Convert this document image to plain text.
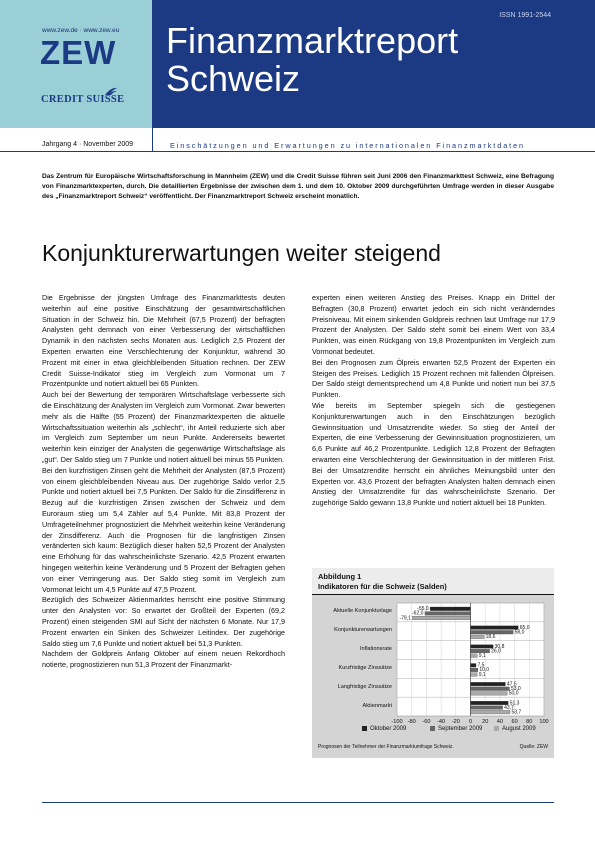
www.zew.de · www.zew.eu
ZEW
CREDIT SUISSE
ISSN 1991-2544
Finanzmarktreport
Schweiz
Jahrgang 4 · November 2009	Einschätzungen und Erwartungen zu internationalen Finanzmarktdaten

Das Zentrum für Europäische Wirtschaftsforschung in Mannheim (ZEW) und die Credit Suisse führen seit Juni 2006 den Finanzmarkttest Schweiz, eine Befragung von Finanzmarktexperten, durch. Die detaillierten Ergebnisse der zwischen dem 1. und dem 10. Oktober 2009 durchgeführten Umfrage werden in dieser Ausgabe des „Finanzmarktreport Schweiz“ veröffentlicht. Der Finanzmarktreport Schweiz erscheint monatlich.

Konjunkturerwartungen weiter steigend

Die Ergebnisse der jüngsten Umfrage des Finanzmarkttests deuten weiterhin auf eine positive Einschätzung der gesamtwirtschaftlichen Situation in der Schweiz hin. Die Mehrheit (67,5 Prozent) der befragten Analysten geht demnach von einer Verbesserung der wirtschaftlichen Dynamik in den nächsten sechs Monaten aus. Lediglich 2,5 Prozent der Experten erwarten eine Verschlechterung der Konjunktur, während 30 Prozent mit einer in etwa gleichbleibenden Situation rechnen. Der ZEW Credit Suisse-Indikator stieg im Vergleich zum Vormonat um 7 Prozentpunkte und notiert aktuell bei 65 Punkten.

Auch bei der Bewertung der temporären Wirtschaftslage verbesserte sich die Einschätzung der Analysten im Vergleich zum Vormonat. Zwar bewerten mehr als die Hälfte (55 Prozent) der Finanzmarktexperten die aktuelle Wirtschaftssituation weiterhin als „schlecht“, ihr Anteil reduzierte sich aber im Vergleich zum September um neun Punkte. Andererseits bewertet weiterhin kein einziger der Analysten die gegenwärtige Wirtschaftslage als „gut“. Der Saldo stieg um 7 Punkte und notiert aktuell bei minus 55 Punkten.

Bei den kurzfristigen Zinsen geht die Mehrheit der Analysten (87,5 Prozent) von einem gleichbleibenden Niveau aus. Der zugehörige Saldo verlor 2,5 Punkte und notiert aktuell bei 7,5 Punkten. Der Saldo für die Zinsdifferenz in Bezug auf die kurzfristigen Zinsen zwischen der Schweiz und dem Euroraum stieg um 5,4 Zähler auf 5,4 Punkte. Mit 83,8 Prozent der Umfrageteilnehmer prognostiziert die Mehrheit weiterhin keine Veränderung der Zinsdifferenz. Auch die Prognosen für die langfristigen Zinsen veränderten sich kaum: Bezüglich dieser halten 52,5 Prozent der Analysten eine Erhöhung für das wahrscheinlichste Szenario. 42,5 Prozent erwarten hingegen weiterhin keine Veränderung und 5 Prozent der Befragten gehen von einer Verringerung aus. Der Saldo stieg somit im Vergleich zum Vormonat leicht um 4,5 Punkte auf 47,5 Prozent.

Bezüglich des Schweizer Aktienmarktes herrscht eine positive Stimmung unter den Analysten vor: So erwartet der Großteil der Experten (69,2 Prozent) einen steigenden SMI auf Sicht der nächsten 6 Monate. Nur 17,9 Prozent erwarten ein Sinken des Schweizer Leitindex. Der zugehörige Saldo stieg um 7,6 Punkte und notiert aktuell bei 51,3 Punkten.

Nachdem der Goldpreis Anfang Oktober auf einem neuen Rekordhoch notierte, prognostizieren nun 51,3 Prozent der Finanzmarkt-

experten einen weiteren Anstieg des Preises. Knapp ein Drittel der Befragten (30,8 Prozent) erwartet jedoch ein sich nicht veränderndes Preisniveau. Mit einem sinkenden Goldpreis rechnen laut Umfrage nur 17,9 Prozent der Analysten. Der Saldo steht somit bei einem Wert von 33,4 Punkten, was einen Rückgang von 19,8 Prozentpunkten im Vergleich zum Vormonat bedeutet.

Bei den Prognosen zum Ölpreis erwarten 52,5 Prozent der Experten ein Steigen des Preises. Lediglich 15 Prozent rechnen mit fallenden Ölpreisen. Der Saldo steigt dementsprechend um 4,8 Punkte und notiert nun bei 37,5 Punkten.

Wie bereits im September spiegeln sich die gestiegenen Konjunkturerwartungen auch in den Einschätzungen bezüglich Gewinnsituation und Umsatzrendite wieder. So stieg der Anteil der Experten, die eine Verbesserung der Gewinnsituation prognostizieren, um 6,6 Punkte auf 46,2 Prozentpunkte. Lediglich 12,8 Prozent der Befragten erwarten eine Verschlechterung der Gewinnsituation in der mittleren Frist. Bei der Umsatzrendite herrscht ein ähnliches Meinungsbild unter den Experten vor. 43,6 Prozent der befragten Analysten halten demnach einen Anstieg der Umsatzrendite für das wahrscheinlichste Szenario. Der zugehörige Saldo gewann 13,8 Punkte und notiert aktuell bei 18 Punkten.

Abbildung 1
Indikatoren für die Schweiz (Salden)
Aktuelle Konjunkturlage
Konjunkturerwartungen
Inflationsrate
Kurzfristige Zinssätze
Langfristige Zinssätze
Aktienmarkt
-100 -80 -60 -40 -20 0 20 40 60 80 100
-55,0
-62,0
-79,1
65,0
58,0
18,6
30,8
26,0
9,1
7,5
10,0
9,1
47,5
53,0
50,0
51,3
43,7
53,7
Oktober 2009	September 2009	August 2009
Prognosen der Teilnehmer der Finanzmarktumfrage Schweiz.	Quelle: ZEW
